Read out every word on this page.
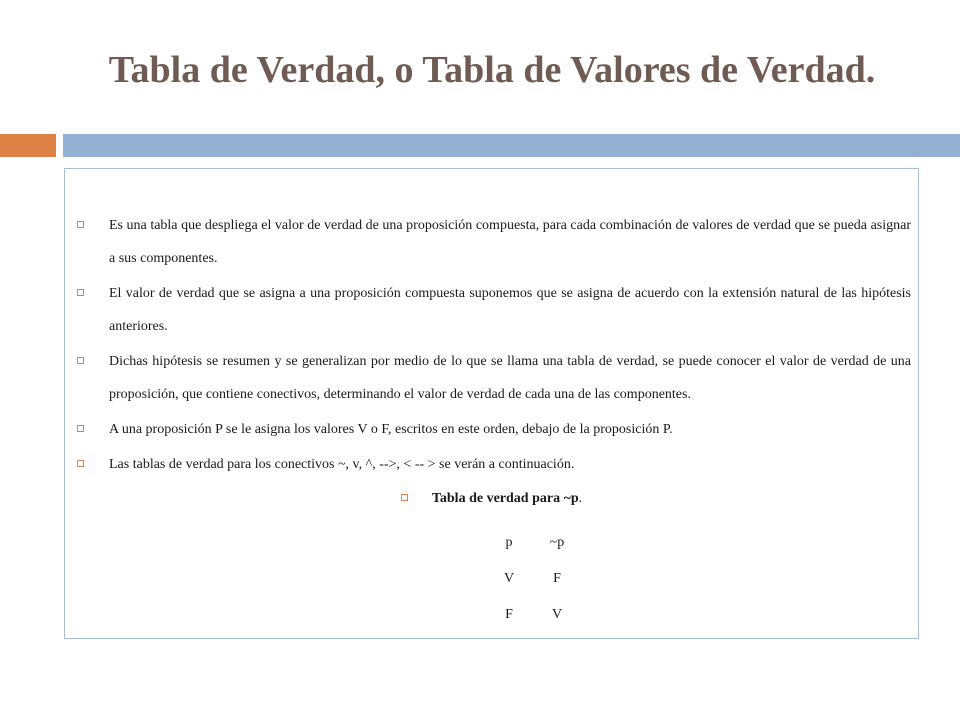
Tabla de Verdad, o Tabla de Valores de Verdad.
Es una tabla que despliega el valor de verdad de una proposición compuesta, para cada combinación de valores de verdad que se pueda asignar a sus componentes.
El valor de verdad que se asigna a una proposición compuesta suponemos que se asigna de acuerdo con la extensión natural de las hipótesis anteriores.
Dichas hipótesis se resumen y se generalizan por medio de lo que se llama una tabla de verdad, se puede conocer el valor de verdad de una proposición, que contiene conectivos, determinando el valor de verdad de cada una de las componentes.
A una proposición P se le asigna los valores V o F, escritos en este orden, debajo de la proposición P.
Las tablas de verdad para los conectivos ~, v, ^, -->, < -- > se verán a continuación.
Tabla de verdad para ~p.
p	~p
V	F
F	V
